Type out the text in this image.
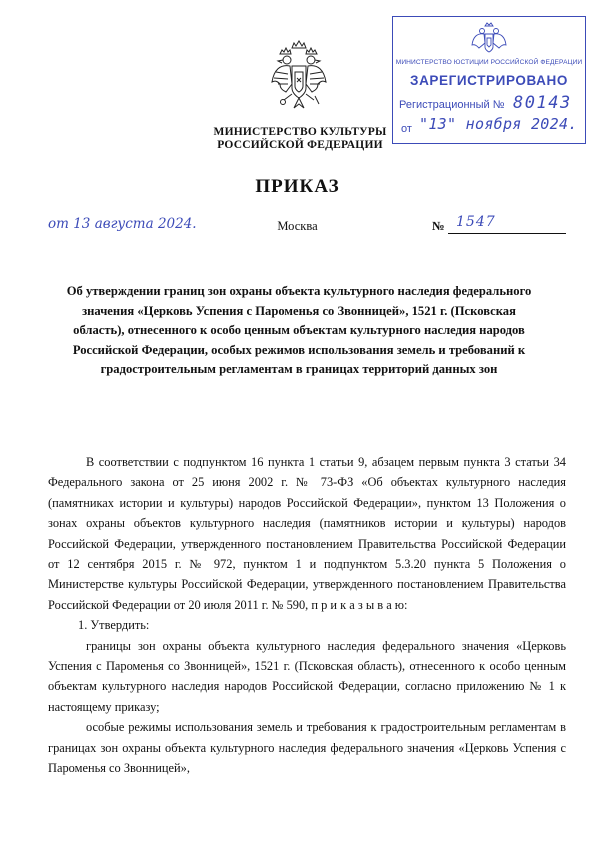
МИНИСТЕРСТВО КУЛЬТУРЫ
РОССИЙСКОЙ ФЕДЕРАЦИИ
МИНИСТЕРСТВО ЮСТИЦИИ РОССИЙСКОЙ ФЕДЕРАЦИИ
ЗАРЕГИСТРИРОВАНО
Регистрационный № 80143
от "13" ноября 2024.
ПРИКАЗ
от 13 августа 2024.	Москва	№ 1547
Об утверждении границ зон охраны объекта культурного наследия федерального значения «Церковь Успения с Пароменья со Звонницей», 1521 г. (Псковская область), отнесенного к особо ценным объектам культурного наследия народов Российской Федерации, особых режимов использования земель и требований к градостроительным регламентам в границах территорий данных зон

В соответствии с подпунктом 16 пункта 1 статьи 9, абзацем первым пункта 3 статьи 34 Федерального закона от 25 июня 2002 г. № 73-ФЗ «Об объектах культурного наследия (памятниках истории и культуры) народов Российской Федерации», пунктом 13 Положения о зонах охраны объектов культурного наследия (памятников истории и культуры) народов Российской Федерации, утвержденного постановлением Правительства Российской Федерации от 12 сентября 2015 г. № 972, пунктом 1 и подпунктом 5.3.20 пункта 5 Положения о Министерстве культуры Российской Федерации, утвержденного постановлением Правительства Российской Федерации от 20 июля 2011 г. № 590, п р и к а з ы в а ю:

1. Утвердить:

границы зон охраны объекта культурного наследия федерального значения «Церковь Успения с Пароменья со Звонницей», 1521 г. (Псковская область), отнесенного к особо ценным объектам культурного наследия народов Российской Федерации, согласно приложению № 1 к настоящему приказу;

особые режимы использования земель и требования к градостроительным регламентам в границах зон охраны объекта культурного наследия федерального значения «Церковь Успения с Пароменья со Звонницей»,
